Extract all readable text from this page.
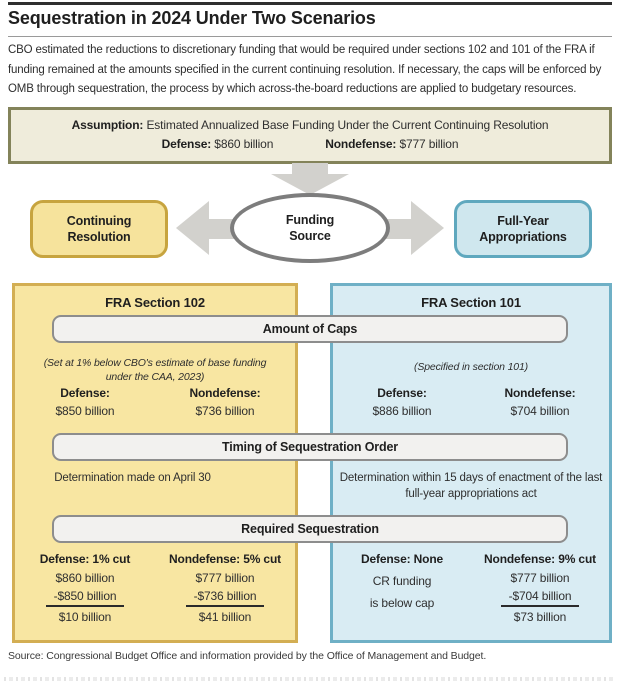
Sequestration in 2024 Under Two Scenarios

CBO estimated the reductions to discretionary funding that would be required under sections 102 and 101 of the FRA if funding remained at the amounts specified in the current continuing resolution. If necessary, the caps will be enforced by OMB through sequestration, the process by which across-the-board reductions are applied to budgetary resources.

Assumption: Estimated Annualized Base Funding Under the Current Continuing Resolution
Defense: $860 billion	Nondefense: $777 billion
Continuing Resolution
Funding Source
Full-Year Appropriations
FRA Section 102
(Set at 1% below CBO's estimate of base funding under the CAA, 2023)
Defense:
$850 billion
Nondefense:
$736 billion
Determination made on April 30
Defense: 1% cut
$860 billion
-$850 billion
$10 billion
Nondefense: 5% cut
$777 billion
-$736 billion
$41 billion
FRA Section 101
(Specified in section 101)
Defense:
$886 billion
Nondefense:
$704 billion
Determination within 15 days of enactment of the last full-year appropriations act
Defense: None
CR funding
is below cap
Nondefense: 9% cut
$777 billion
-$704 billion
$73 billion
Amount of Caps
Timing of Sequestration Order
Required Sequestration

Source: Congressional Budget Office and information provided by the Office of Management and Budget.
